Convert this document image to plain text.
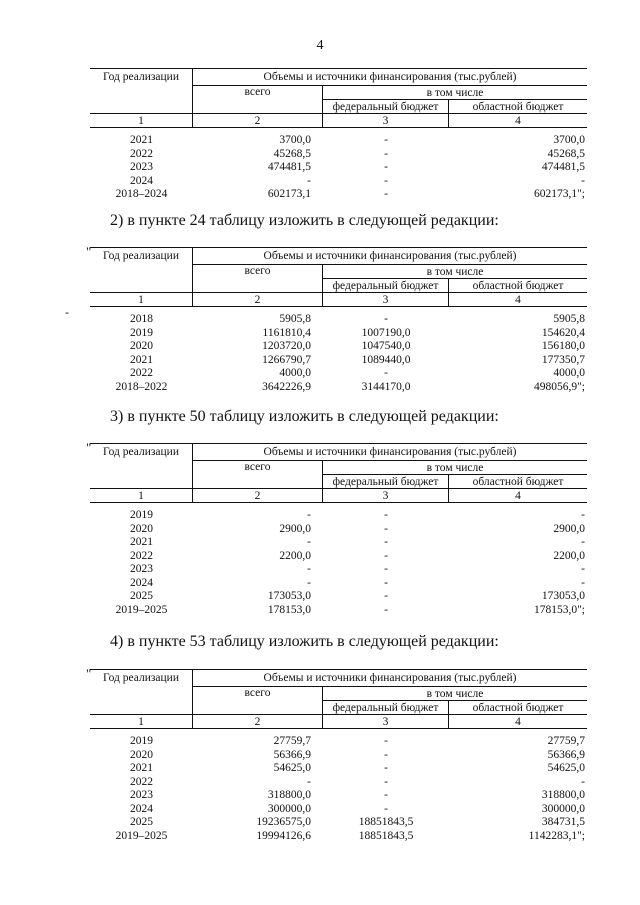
4
Год реализации	Объемы и источники финансирования (тыс.рублей)
всего	в том числе
федеральный бюджет	областной бюджет
1	2	3	4
2021	3700,0	-	3700,0
2022	45268,5	-	45268,5
2023	474481,5	-	474481,5
2024	-	-	-
2018–2024	602173,1	-	602173,1";
2) в пункте 24 таблицу изложить в следующей редакции:
"
-
Год реализации	Объемы и источники финансирования (тыс.рублей)
всего	в том числе
федеральный бюджет	областной бюджет
1	2	3	4
2018	5905,8	-	5905,8
2019	1161810,4	1007190,0	154620,4
2020	1203720,0	1047540,0	156180,0
2021	1266790,7	1089440,0	177350,7
2022	4000,0	-	4000,0
2018–2022	3642226,9	3144170,0	498056,9";
3) в пункте 50 таблицу изложить в следующей редакции:
"	Год реализации	Объемы и источники финансирования (тыс.рублей)
всего	в том числе
федеральный бюджет	областной бюджет
1	2	3	4
2019	-	-	-
2020	2900,0	-	2900,0
2021	-	-	-
2022	2200,0	-	2200,0
2023	-	-	-
2024	-	-	-
2025	173053,0	-	173053,0
2019–2025	178153,0	-	178153,0";
4) в пункте 53 таблицу изложить в следующей редакции:
"	Год реализации	Объемы и источники финансирования (тыс.рублей)
всего	в том числе
федеральный бюджет	областной бюджет
1	2	3	4
2019	27759,7	-	27759,7
2020	56366,9	-	56366,9
2021	54625,0	-	54625,0
2022	-	-	-
2023	318800,0	-	318800,0
2024	300000,0	-	300000,0
2025	19236575,0	18851843,5	384731,5
2019–2025	19994126,6	18851843,5	1142283,1";
